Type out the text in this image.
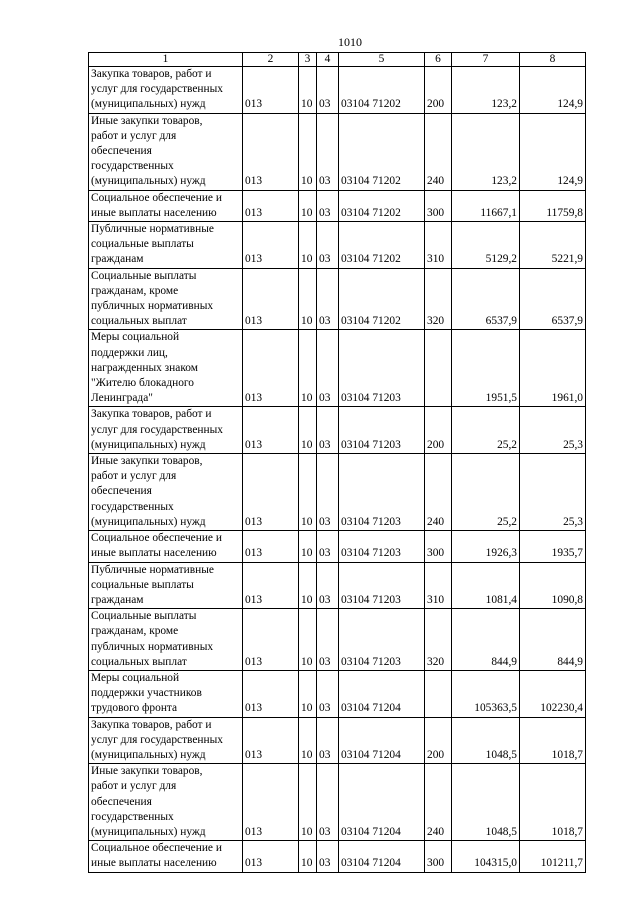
1010
1	2	3	4	5	6	7	8
Закупка товаров, работ и
услуг для государственных
(муниципальных) нужд	013	10	03	03104 71202	200	123,2	124,9
Иные закупки товаров,
работ и услуг для
обеспечения
государственных
(муниципальных) нужд	013	10	03	03104 71202	240	123,2	124,9
Социальное обеспечение и
иные выплаты населению	013	10	03	03104 71202	300	11667,1	11759,8
Публичные нормативные
социальные выплаты
гражданам	013	10	03	03104 71202	310	5129,2	5221,9
Социальные выплаты
гражданам, кроме
публичных нормативных
социальных выплат	013	10	03	03104 71202	320	6537,9	6537,9
Меры социальной
поддержки лиц,
награжденных знаком
"Жителю блокадного
Ленинграда"	013	10	03	03104 71203		1951,5	1961,0
Закупка товаров, работ и
услуг для государственных
(муниципальных) нужд	013	10	03	03104 71203	200	25,2	25,3
Иные закупки товаров,
работ и услуг для
обеспечения
государственных
(муниципальных) нужд	013	10	03	03104 71203	240	25,2	25,3
Социальное обеспечение и
иные выплаты населению	013	10	03	03104 71203	300	1926,3	1935,7
Публичные нормативные
социальные выплаты
гражданам	013	10	03	03104 71203	310	1081,4	1090,8
Социальные выплаты
гражданам, кроме
публичных нормативных
социальных выплат	013	10	03	03104 71203	320	844,9	844,9
Меры социальной
поддержки участников
трудового фронта	013	10	03	03104 71204		105363,5	102230,4
Закупка товаров, работ и
услуг для государственных
(муниципальных) нужд	013	10	03	03104 71204	200	1048,5	1018,7
Иные закупки товаров,
работ и услуг для
обеспечения
государственных
(муниципальных) нужд	013	10	03	03104 71204	240	1048,5	1018,7
Социальное обеспечение и
иные выплаты населению	013	10	03	03104 71204	300	104315,0	101211,7
